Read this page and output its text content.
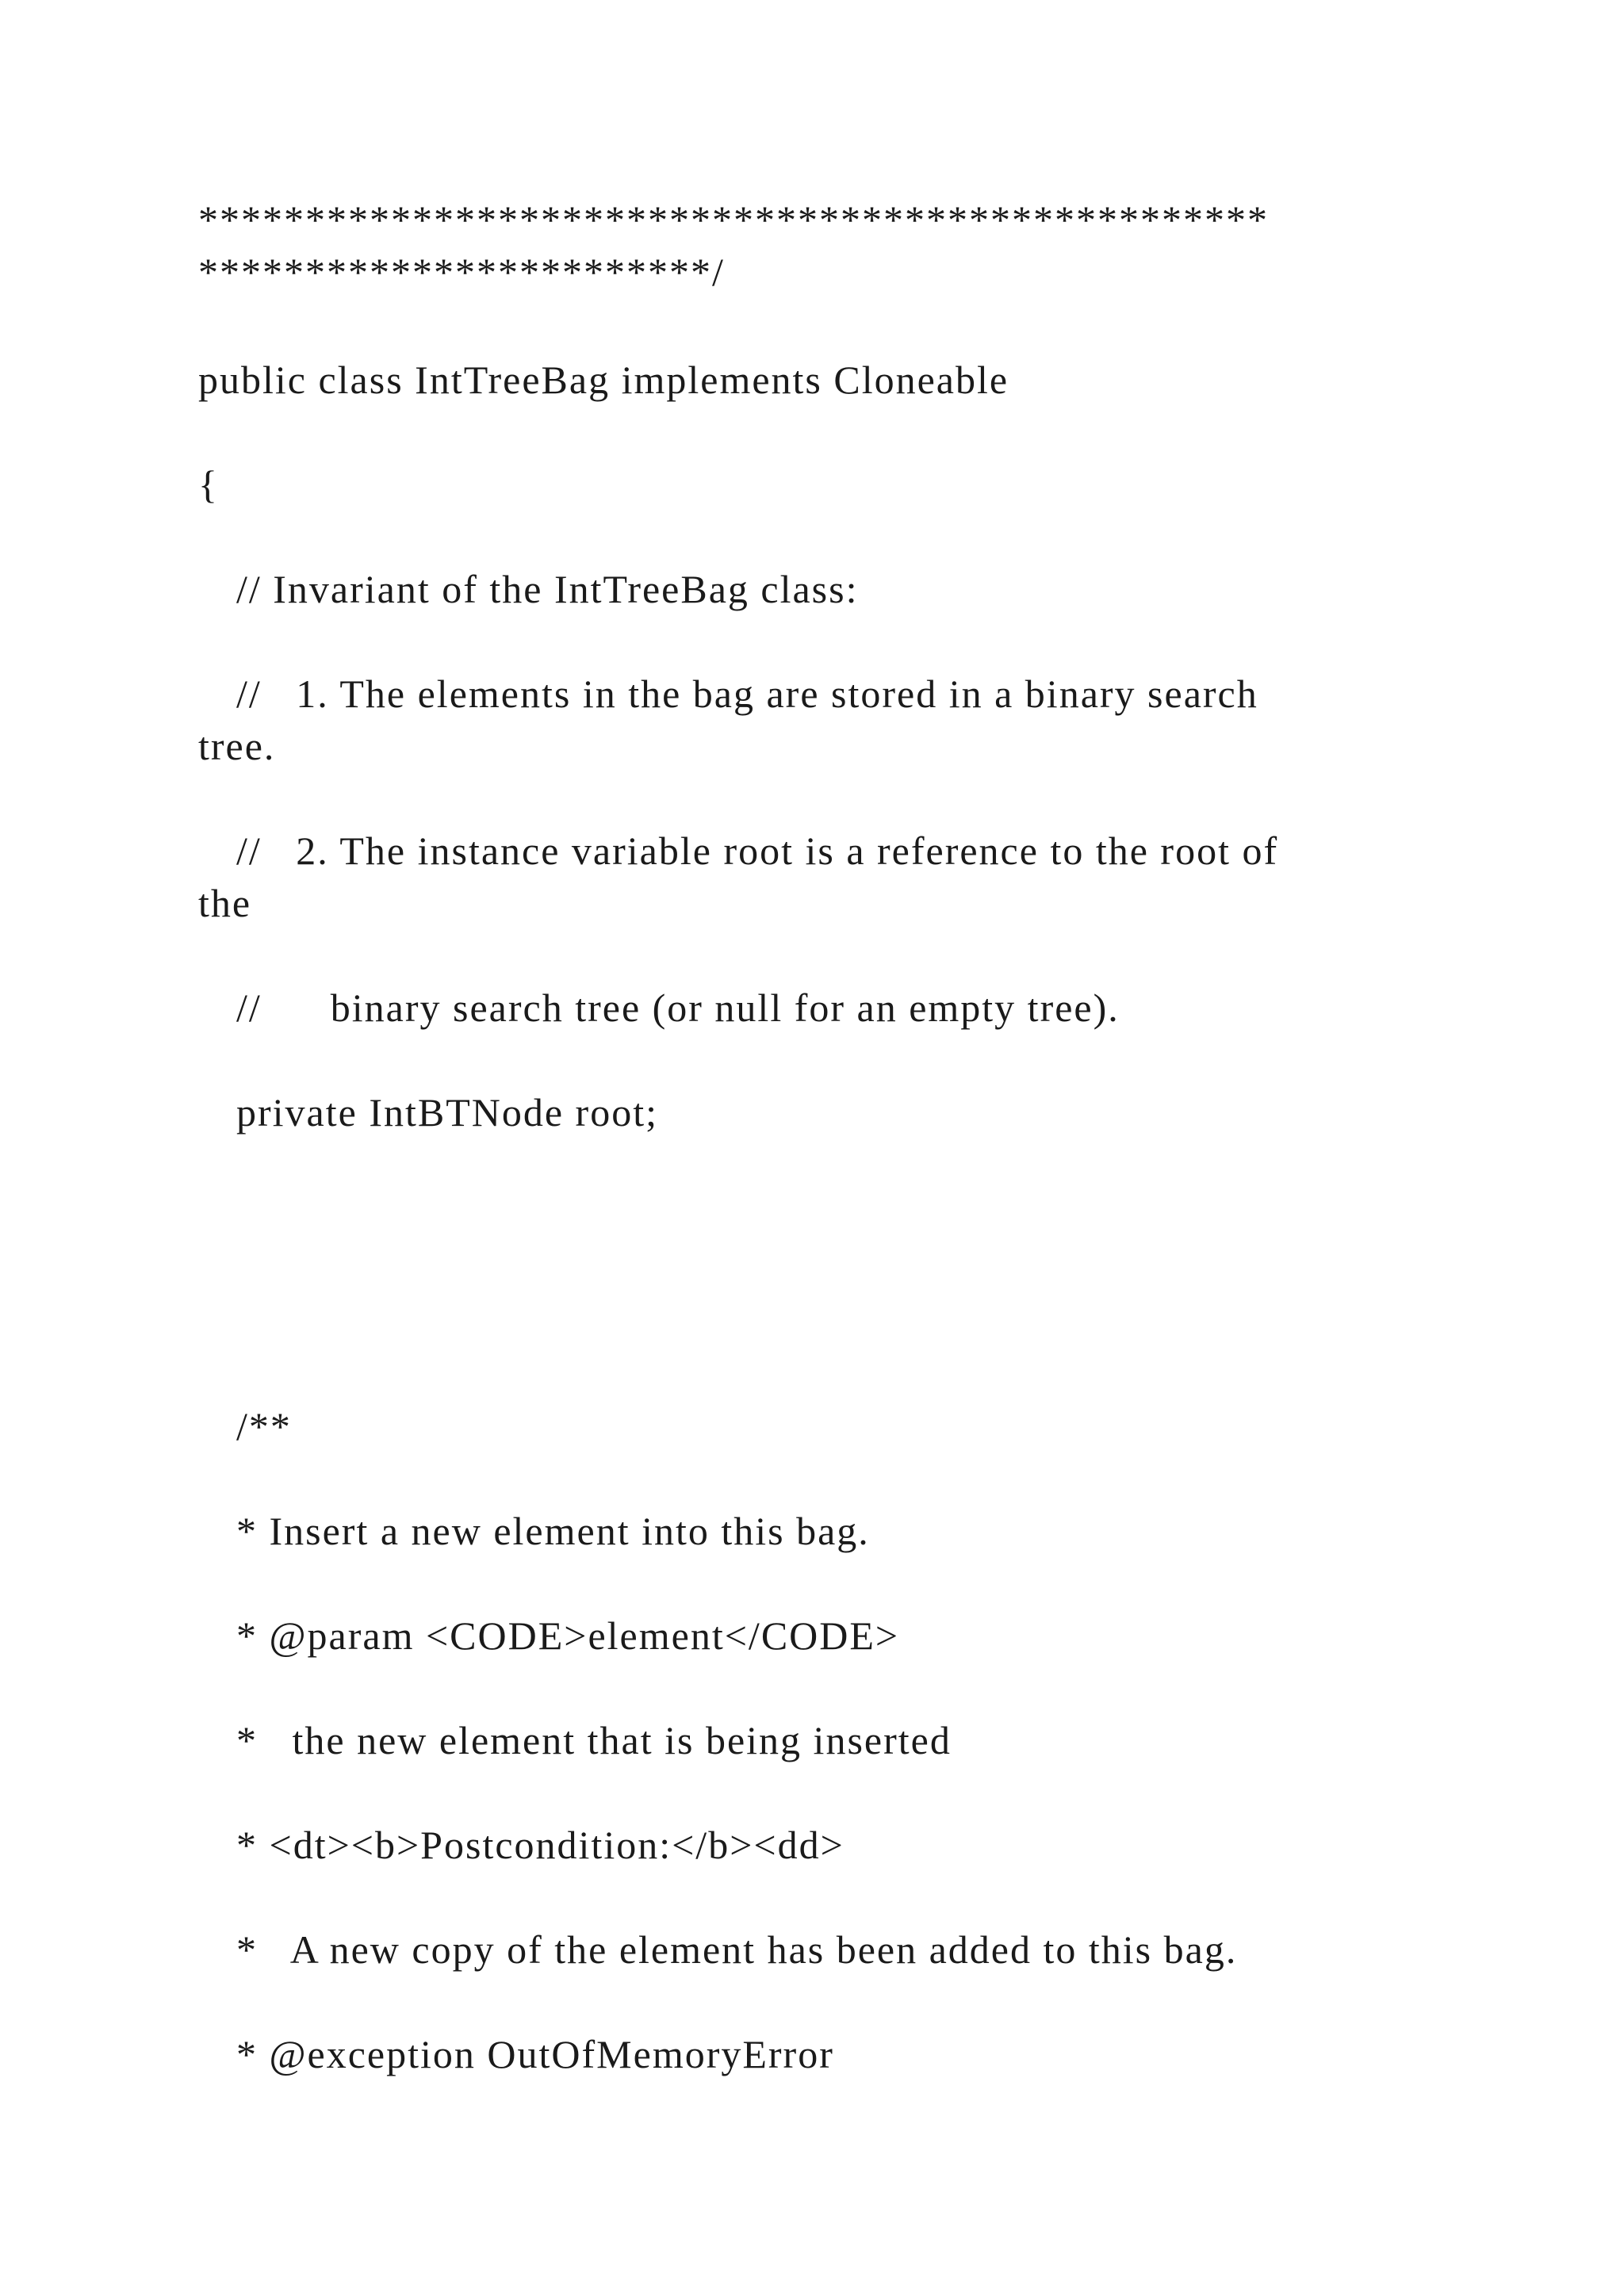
**************************************************

************************/

public class IntTreeBag implements Cloneable

{

// Invariant of the IntTreeBag class:

//   1. The elements in the bag are stored in a binary search

tree.

//   2. The instance variable root is a reference to the root of

the

//      binary search tree (or null for an empty tree).

private IntBTNode root;

/**

* Insert a new element into this bag.

* @param <CODE>element</CODE>

*   the new element that is being inserted

* <dt><b>Postcondition:</b><dd>

*   A new copy of the element has been added to this bag.

* @exception OutOfMemoryError
